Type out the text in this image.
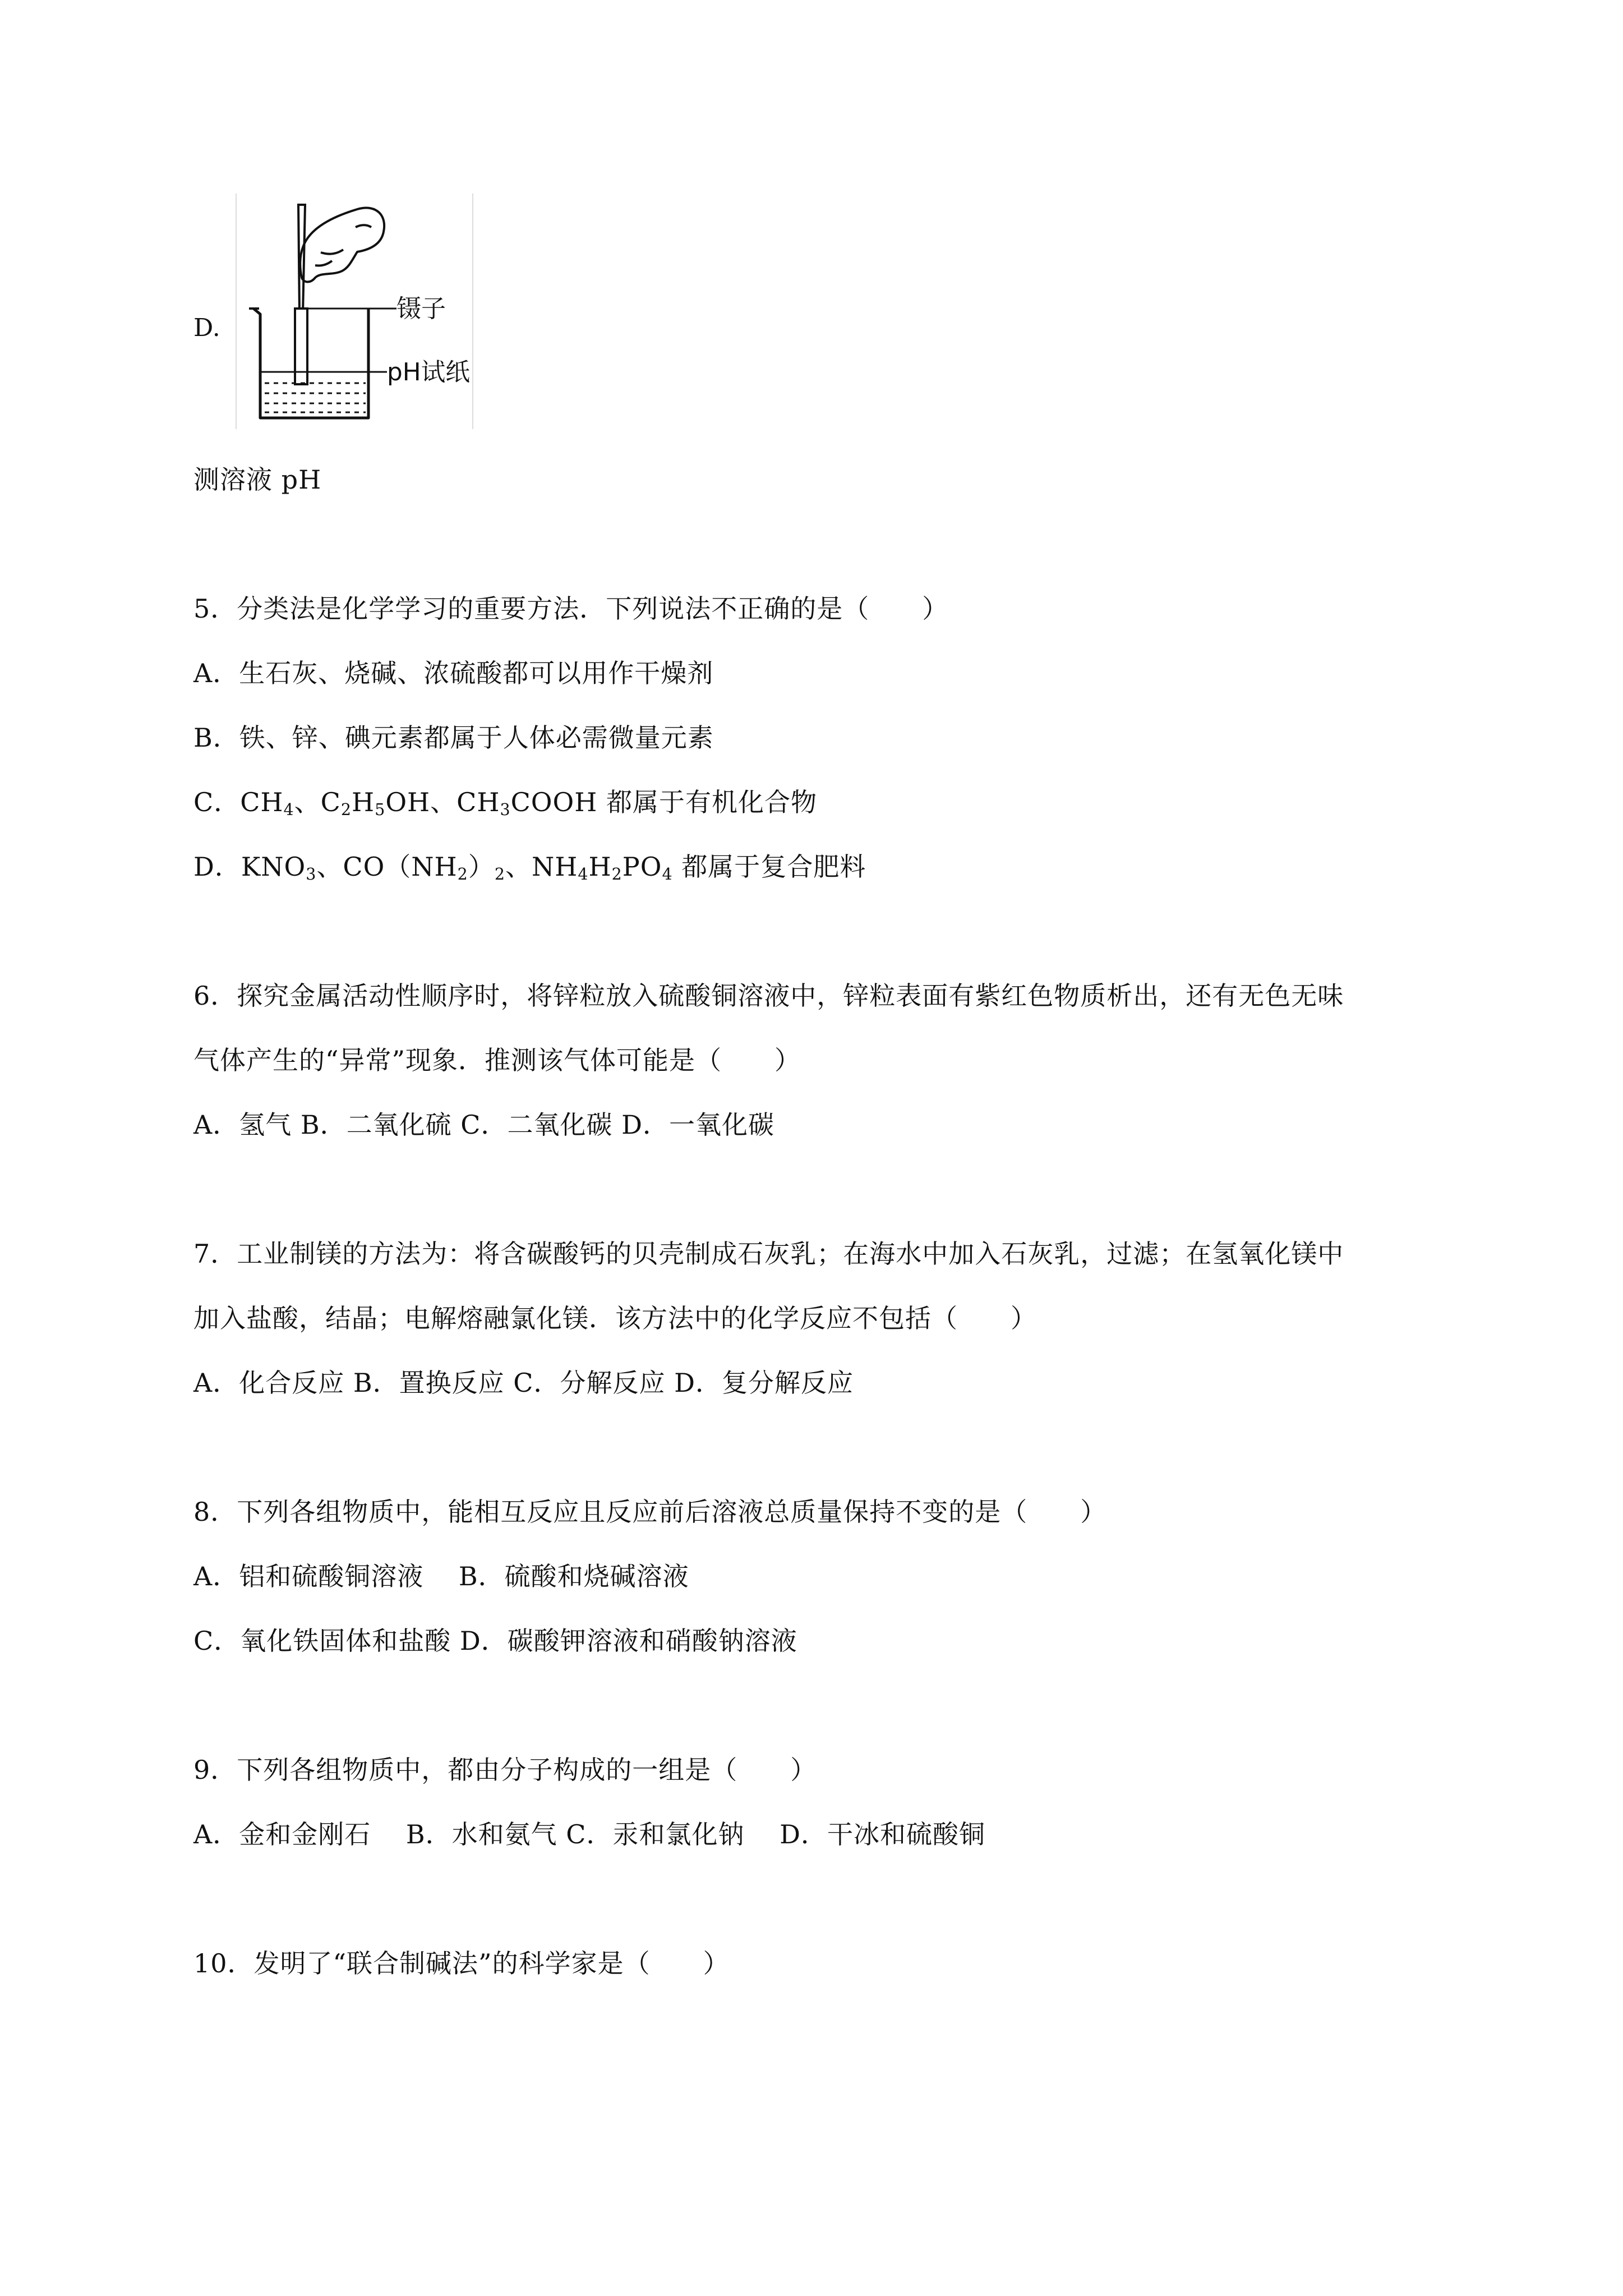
D.
镊子
pH试纸
测溶液 pH
5．分类法是化学学习的重要方法．下列说法不正确的是（　　）
A．生石灰、烧碱、浓硫酸都可以用作干燥剂
B．铁、锌、碘元素都属于人体必需微量元素
C．$CH_4$、$C_2H_5OH$、$CH_3COOH$ 都属于有机化合物
D．$KNO_3$、$CO(NH_2)_2$、$NH_4H_2PO_4$ 都属于复合肥料
6．探究金属活动性顺序时，将锌粒放入硫酸铜溶液中，锌粒表面有紫红色物质析出，还有无色无味
气体产生的“异常”现象．推测该气体可能是（　　）
A．氢气 B．二氧化硫 C．二氧化碳 D．一氧化碳
7．工业制镁的方法为：将含碳酸钙的贝壳制成石灰乳；在海水中加入石灰乳，过滤；在氢氧化镁中
加入盐酸，结晶；电解熔融氯化镁．该方法中的化学反应不包括（　　）
A．化合反应 B．置换反应 C．分解反应 D．复分解反应
8．下列各组物质中，能相互反应且反应前后溶液总质量保持不变的是（　　）
A．铝和硫酸铜溶液　 B．硫酸和烧碱溶液
C．氧化铁固体和盐酸 D．碳酸钾溶液和硝酸钠溶液
9．下列各组物质中，都由分子构成的一组是（　　）
A．金和金刚石　 B．水和氨气 C．汞和氯化钠　 D．干冰和硫酸铜
10．发明了“联合制碱法”的科学家是（　　）
